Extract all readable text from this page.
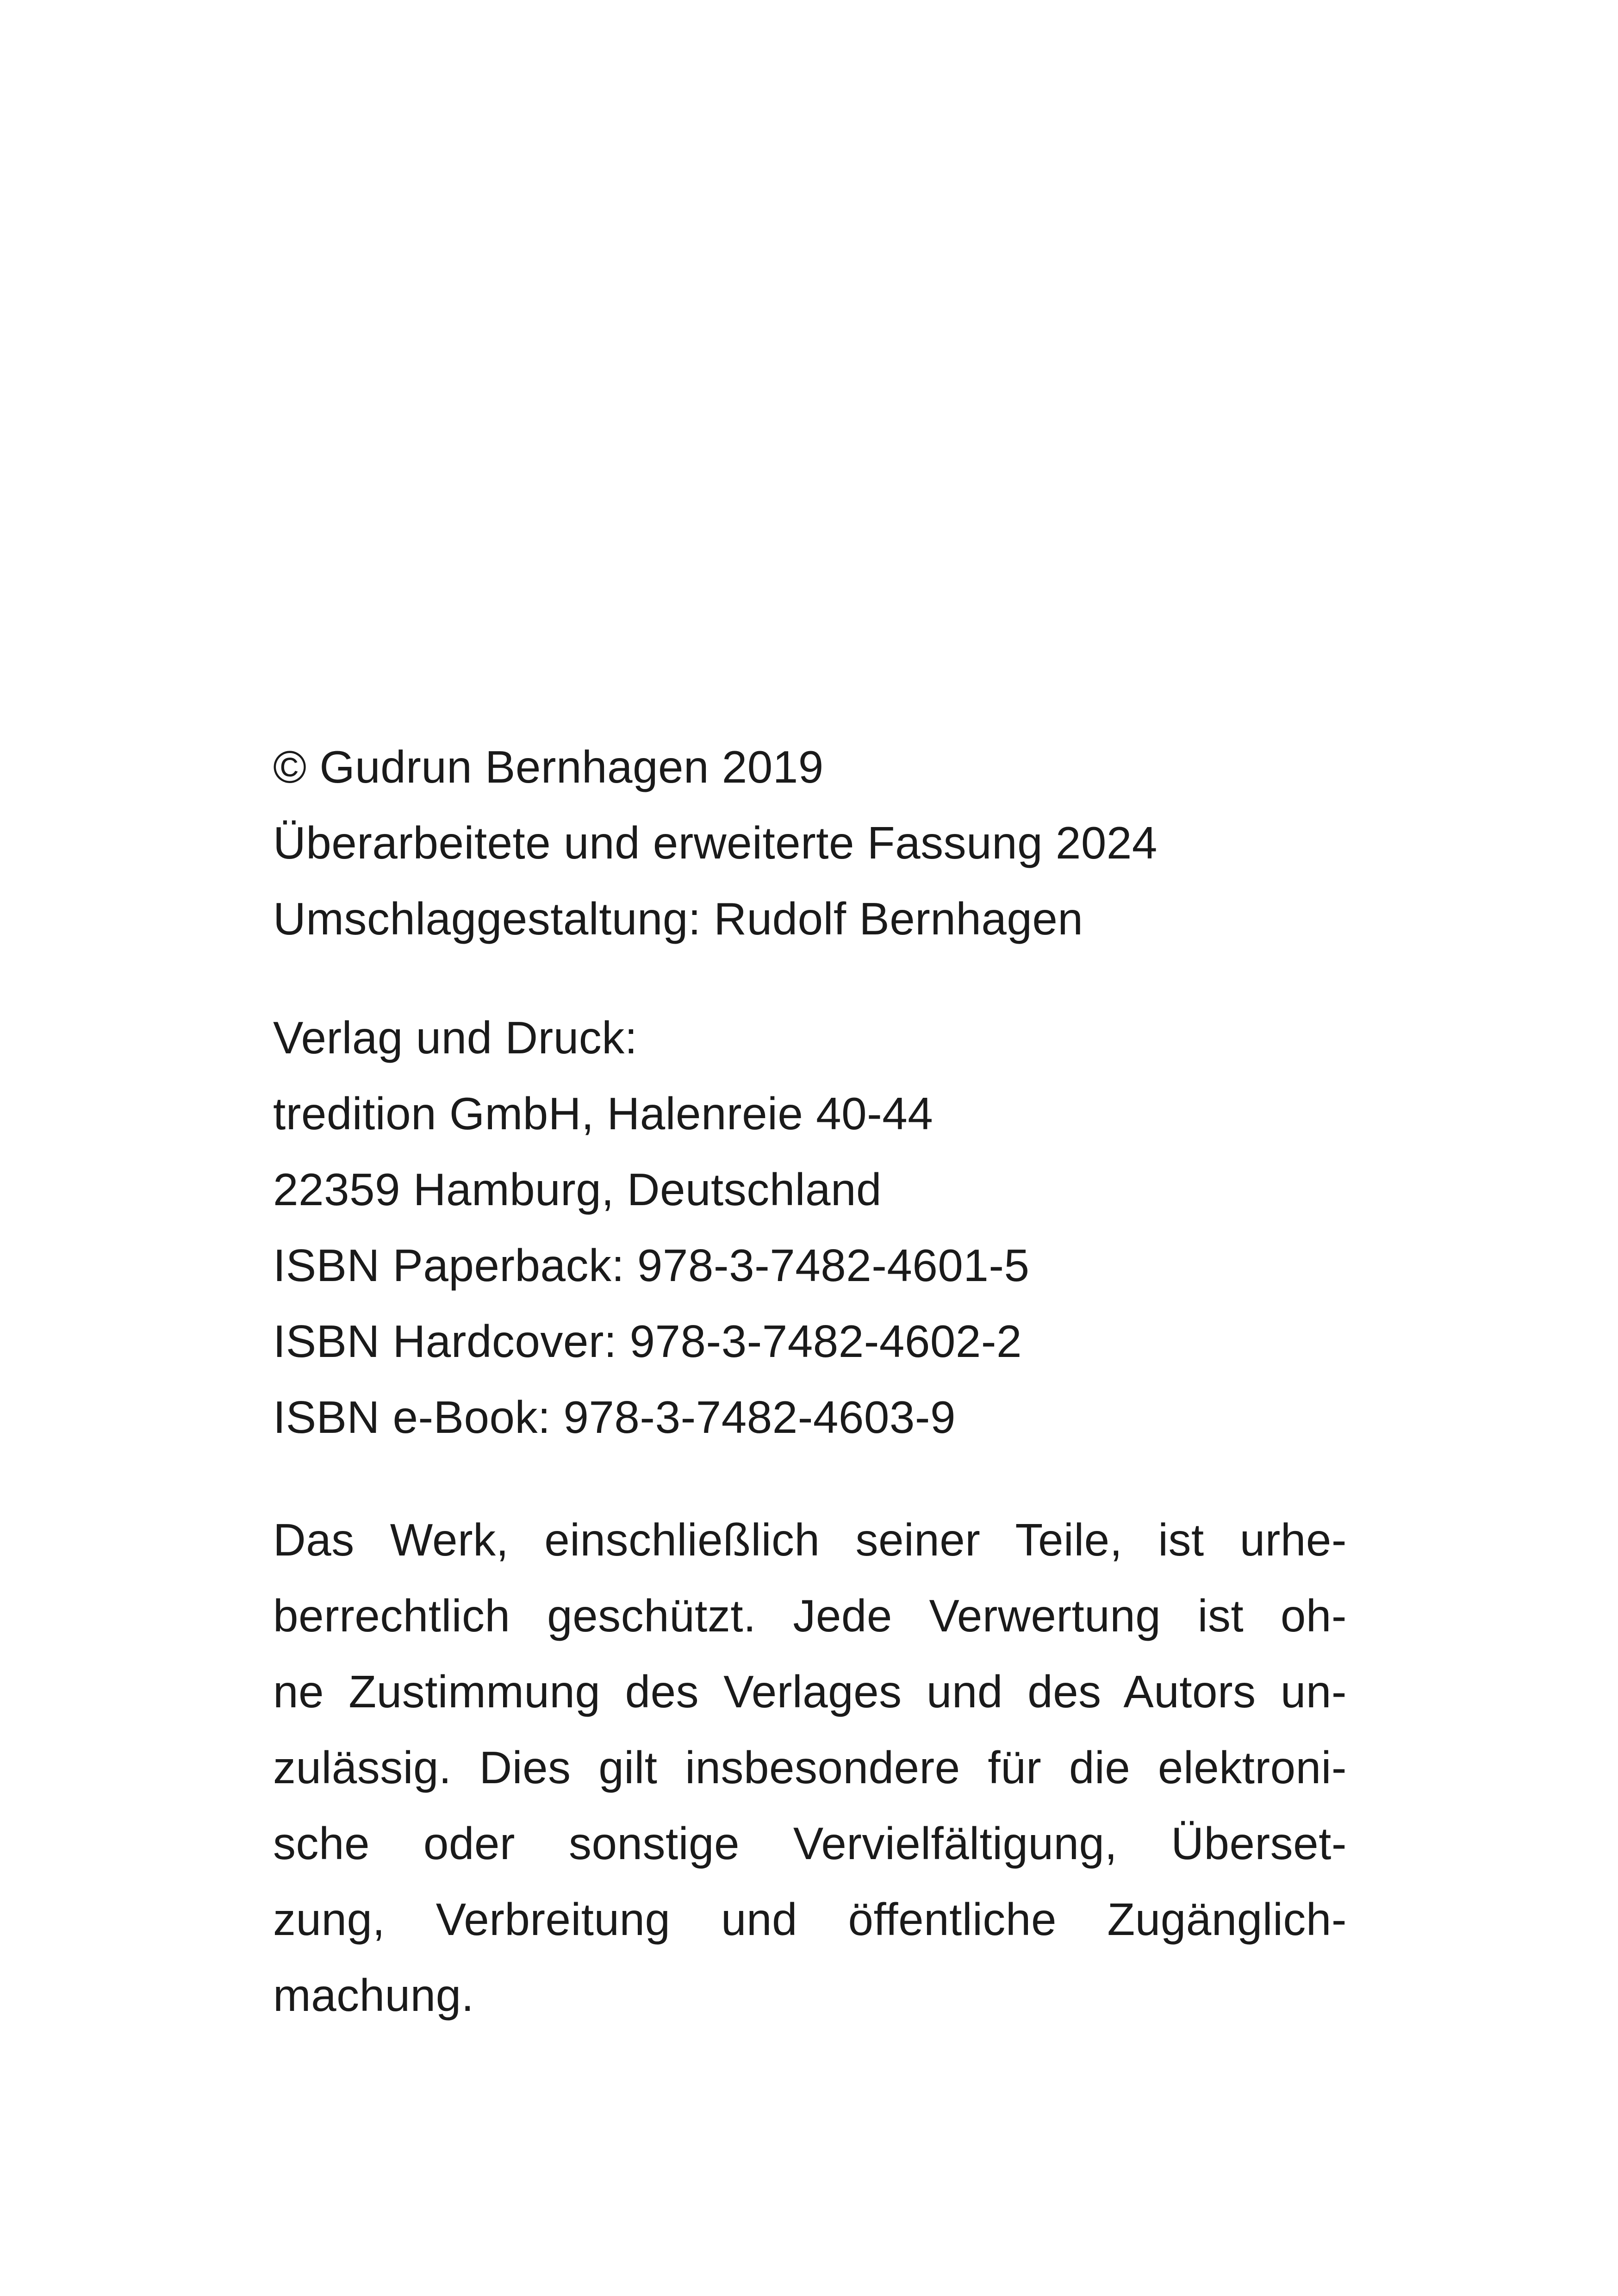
© Gudrun Bernhagen 2019
Überarbeitete und erweiterte Fassung 2024
Umschlaggestaltung: Rudolf Bernhagen
Verlag und Druck:
tredition GmbH, Halenreie 40-44
22359 Hamburg, Deutschland
ISBN Paperback: 978-3-7482-4601-5
ISBN Hardcover: 978-3-7482-4602-2
ISBN e-Book: 978-3-7482-4603-9
Das Werk, einschließlich seiner Teile, ist urhe-
berrechtlich geschützt. Jede Verwertung ist oh-
ne Zustimmung des Verlages und des Autors un-
zulässig. Dies gilt insbesondere für die elektroni-
sche oder sonstige Vervielfältigung, Überset-
zung, Verbreitung und öffentliche Zugänglich-
machung.
